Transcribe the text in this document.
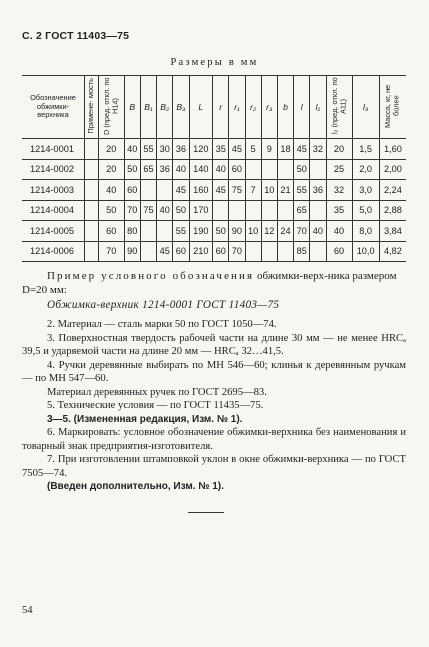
С. 2 ГОСТ 11403—75
Размеры в мм
Обозначение обжимки-верхника	Примене- мость	D (пред. откл. по Н14)	B	B₁	B₂	B₃	L	r	r₁	r₂	r₃	b	l	l₁	l₂ (пред. откл. по А11)	l₃	Масса, кг, не более
1214-0001		20	40	55	30	36	120	35	45	5	9	18	45	32	20	1,5	1,60
1214-0002		20	50	65	36	40	140	40	60				50		25	2,0	2,00
1214-0003		40	60			45	160	45	75	7	10	21	55	36	32	3,0	2,24
1214-0004		50	70	75	40	50	170						65		35	5,0	2,88
1214-0005		60	80			55	190	50	90	10	12	24	70	40	40	8,0	3,84
1214-0006		70	90		45	60	210	60	70				85		60	10,0	4,82
Пример условного обозначения обжимки-верх-ника размером D=20 мм:
Обжимка-верхник 1214-0001 ГОСТ 11403—75

2. Материал — сталь марки 50 по ГОСТ 1050—74.

3. Поверхностная твердость рабочей части на длине 30 мм — не менее HRCₐ 39,5 и ударяемой части на длине 20 мм — HRCₐ 32…41,5.

4. Ручки деревянные выбирать по МН 546—60; клинья к деревянным ручкам — по МН 547—60.

Материал деревянных ручек по ГОСТ 2695—83.

5. Технические условия — по ГОСТ 11435—75.

3—5. (Измененная редакция, Изм. № 1).

6. Маркировать: условное обозначение обжимки-верхника без наименования и товарный знак предприятия-изготовителя.

7. При изготовлении штамповкой уклон в окне обжимки-верхника — по ГОСТ 7505—74.

(Введен дополнительно, Изм. № 1).

54
